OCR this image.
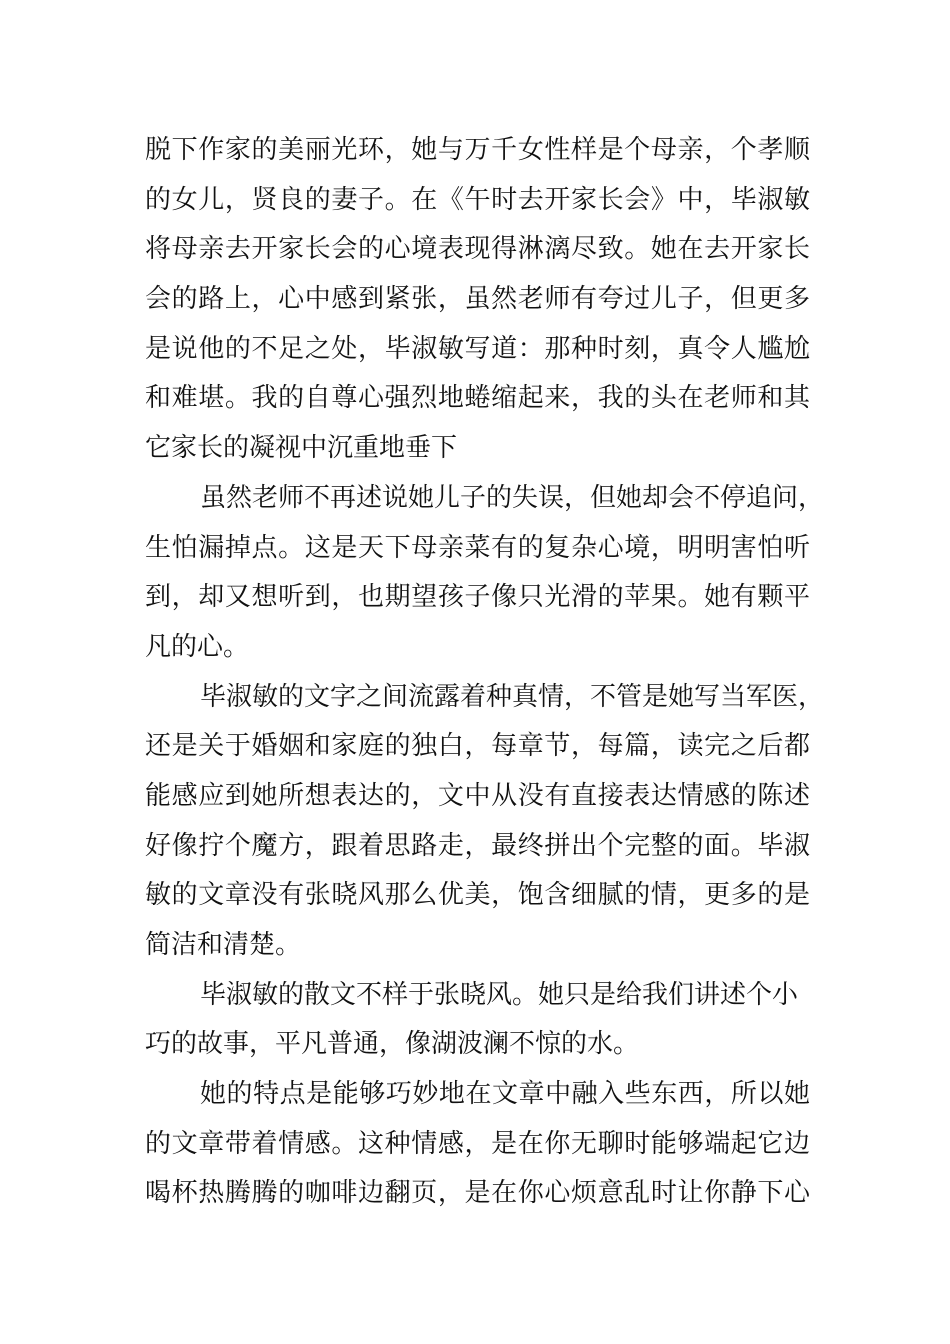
脱下作家的美丽光环，她与万千女性样是个母亲，个孝顺
的女儿，贤良的妻子。在《午时去开家长会》中，毕淑敏
将母亲去开家长会的心境表现得淋漓尽致。她在去开家长
会的路上，心中感到紧张，虽然老师有夸过儿子，但更多
是说他的不足之处，毕淑敏写道：那种时刻，真令人尴尬
和难堪。我的自尊心强烈地蜷缩起来，我的头在老师和其
它家长的凝视中沉重地垂下
虽然老师不再述说她儿子的失误，但她却会不停追问，
生怕漏掉点。这是天下母亲菜有的复杂心境，明明害怕听
到，却又想听到，也期望孩子像只光滑的苹果。她有颗平
凡的心。
毕淑敏的文字之间流露着种真情，不管是她写当军医，
还是关于婚姻和家庭的独白，每章节，每篇，读完之后都
能感应到她所想表达的，文中从没有直接表达情感的陈述
好像拧个魔方，跟着思路走，最终拼出个完整的面。毕淑
敏的文章没有张晓风那么优美，饱含细腻的情，更多的是
简洁和清楚。
毕淑敏的散文不样于张晓风。她只是给我们讲述个小
巧的故事，平凡普通，像湖波澜不惊的水。
她的特点是能够巧妙地在文章中融入些东西，所以她
的文章带着情感。这种情感，是在你无聊时能够端起它边
喝杯热腾腾的咖啡边翻页，是在你心烦意乱时让你静下心
